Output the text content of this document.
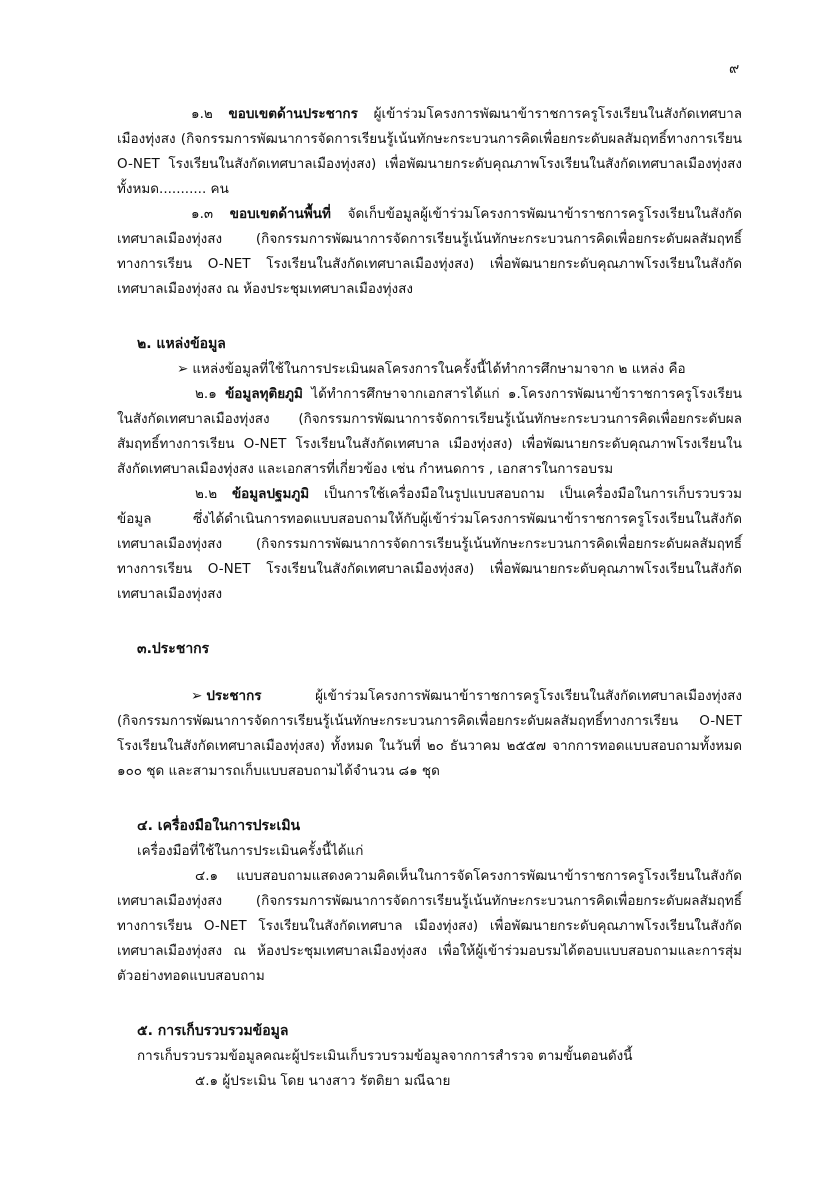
๙

๑.๒ ขอบเขตด้านประชากร ผู้เข้าร่วมโครงการพัฒนาข้าราชการครูโรงเรียนในสังกัดเทศบาลเมืองทุ่งสง (กิจกรรมการพัฒนาการจัดการเรียนรู้เน้นทักษะกระบวนการคิดเพื่อยกระดับผลสัมฤทธิ์ทางการเรียน O-NET โรงเรียนในสังกัดเทศบาลเมืองทุ่งสง) เพื่อพัฒนายกระดับคุณภาพโรงเรียนในสังกัดเทศบาลเมืองทุ่งสง ทั้งหมด........... คน

๑.๓ ขอบเขตด้านพื้นที่ จัดเก็บข้อมูลผู้เข้าร่วมโครงการพัฒนาข้าราชการครูโรงเรียนในสังกัดเทศบาลเมืองทุ่งสง (กิจกรรมการพัฒนาการจัดการเรียนรู้เน้นทักษะกระบวนการคิดเพื่อยกระดับผลสัมฤทธิ์ทางการเรียน O-NET โรงเรียนในสังกัดเทศบาลเมืองทุ่งสง) เพื่อพัฒนายกระดับคุณภาพโรงเรียนในสังกัดเทศบาลเมืองทุ่งสง ณ ห้องประชุมเทศบาลเมืองทุ่งสง

๒. แหล่งข้อมูล

➢ แหล่งข้อมูลที่ใช้ในการประเมินผลโครงการในครั้งนี้ได้ทำการศึกษามาจาก ๒ แหล่ง คือ

๒.๑ ข้อมูลทุติยภูมิ ได้ทำการศึกษาจากเอกสารได้แก่ ๑.โครงการพัฒนาข้าราชการครูโรงเรียนในสังกัดเทศบาลเมืองทุ่งสง (กิจกรรมการพัฒนาการจัดการเรียนรู้เน้นทักษะกระบวนการคิดเพื่อยกระดับผลสัมฤทธิ์ทางการเรียน O-NET โรงเรียนในสังกัดเทศบาล เมืองทุ่งสง) เพื่อพัฒนายกระดับคุณภาพโรงเรียนในสังกัดเทศบาลเมืองทุ่งสง และเอกสารที่เกี่ยวข้อง เช่น กำหนดการ , เอกสารในการอบรม

๒.๒ ข้อมูลปฐมภูมิ เป็นการใช้เครื่องมือในรูปแบบสอบถาม เป็นเครื่องมือในการเก็บรวบรวมข้อมูล ซึ่งได้ดำเนินการทอดแบบสอบถามให้กับผู้เข้าร่วมโครงการพัฒนาข้าราชการครูโรงเรียนในสังกัดเทศบาลเมืองทุ่งสง (กิจกรรมการพัฒนาการจัดการเรียนรู้เน้นทักษะกระบวนการคิดเพื่อยกระดับผลสัมฤทธิ์ทางการเรียน O-NET โรงเรียนในสังกัดเทศบาลเมืองทุ่งสง) เพื่อพัฒนายกระดับคุณภาพโรงเรียนในสังกัดเทศบาลเมืองทุ่งสง

๓.ประชากร

➢ ประชากร ผู้เข้าร่วมโครงการพัฒนาข้าราชการครูโรงเรียนในสังกัดเทศบาลเมืองทุ่งสง (กิจกรรมการพัฒนาการจัดการเรียนรู้เน้นทักษะกระบวนการคิดเพื่อยกระดับผลสัมฤทธิ์ทางการเรียน O-NET โรงเรียนในสังกัดเทศบาลเมืองทุ่งสง) ทั้งหมด ในวันที่ ๒๐ ธันวาคม ๒๕๕๗ จากการทอดแบบสอบถามทั้งหมด ๑๐๐ ชุด และสามารถเก็บแบบสอบถามได้จำนวน ๘๑ ชุด

๔. เครื่องมือในการประเมิน

เครื่องมือที่ใช้ในการประเมินครั้งนี้ได้แก่

๔.๑ แบบสอบถามแสดงความคิดเห็นในการจัดโครงการพัฒนาข้าราชการครูโรงเรียนในสังกัดเทศบาลเมืองทุ่งสง (กิจกรรมการพัฒนาการจัดการเรียนรู้เน้นทักษะกระบวนการคิดเพื่อยกระดับผลสัมฤทธิ์ทางการเรียน O-NET โรงเรียนในสังกัดเทศบาล เมืองทุ่งสง) เพื่อพัฒนายกระดับคุณภาพโรงเรียนในสังกัดเทศบาลเมืองทุ่งสง ณ ห้องประชุมเทศบาลเมืองทุ่งสง เพื่อให้ผู้เข้าร่วมอบรมได้ตอบแบบสอบถามและการสุ่มตัวอย่างทอดแบบสอบถาม

๕. การเก็บรวบรวมข้อมูล

การเก็บรวบรวมข้อมูลคณะผู้ประเมินเก็บรวบรวมข้อมูลจากการสำรวจ ตามขั้นตอนดังนี้

๕.๑ ผู้ประเมิน โดย นางสาว รัตติยา มณีฉาย
